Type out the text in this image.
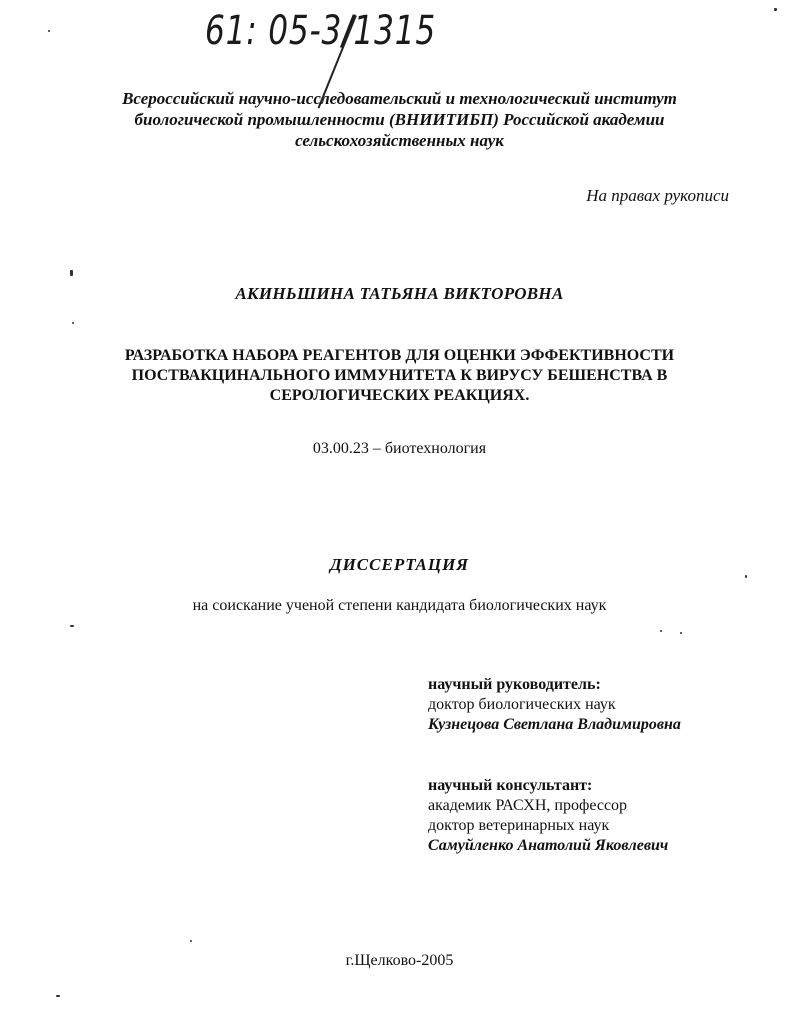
61: 05-3/1315
Всероссийский научно-исследовательский и технологический институт
биологической промышленности (ВНИИТИБП) Российской академии
сельскохозяйственных наук
На правах рукописи
АКИНЬШИНА ТАТЬЯНА ВИКТОРОВНА
РАЗРАБОТКА НАБОРА РЕАГЕНТОВ ДЛЯ ОЦЕНКИ ЭФФЕКТИВНОСТИ
ПОСТВАКЦИНАЛЬНОГО ИММУНИТЕТА К ВИРУСУ БЕШЕНСТВА В
СЕРОЛОГИЧЕСКИХ РЕАКЦИЯХ.
03.00.23 – биотехнология
ДИССЕРТАЦИЯ
на соискание ученой степени кандидата биологических наук
научный руководитель:
доктор биологических наук
Кузнецова Светлана Владимировна
научный консультант:
академик РАСХН, профессор
доктор ветеринарных наук
Самуйленко Анатолий Яковлевич
г.Щелково-2005
